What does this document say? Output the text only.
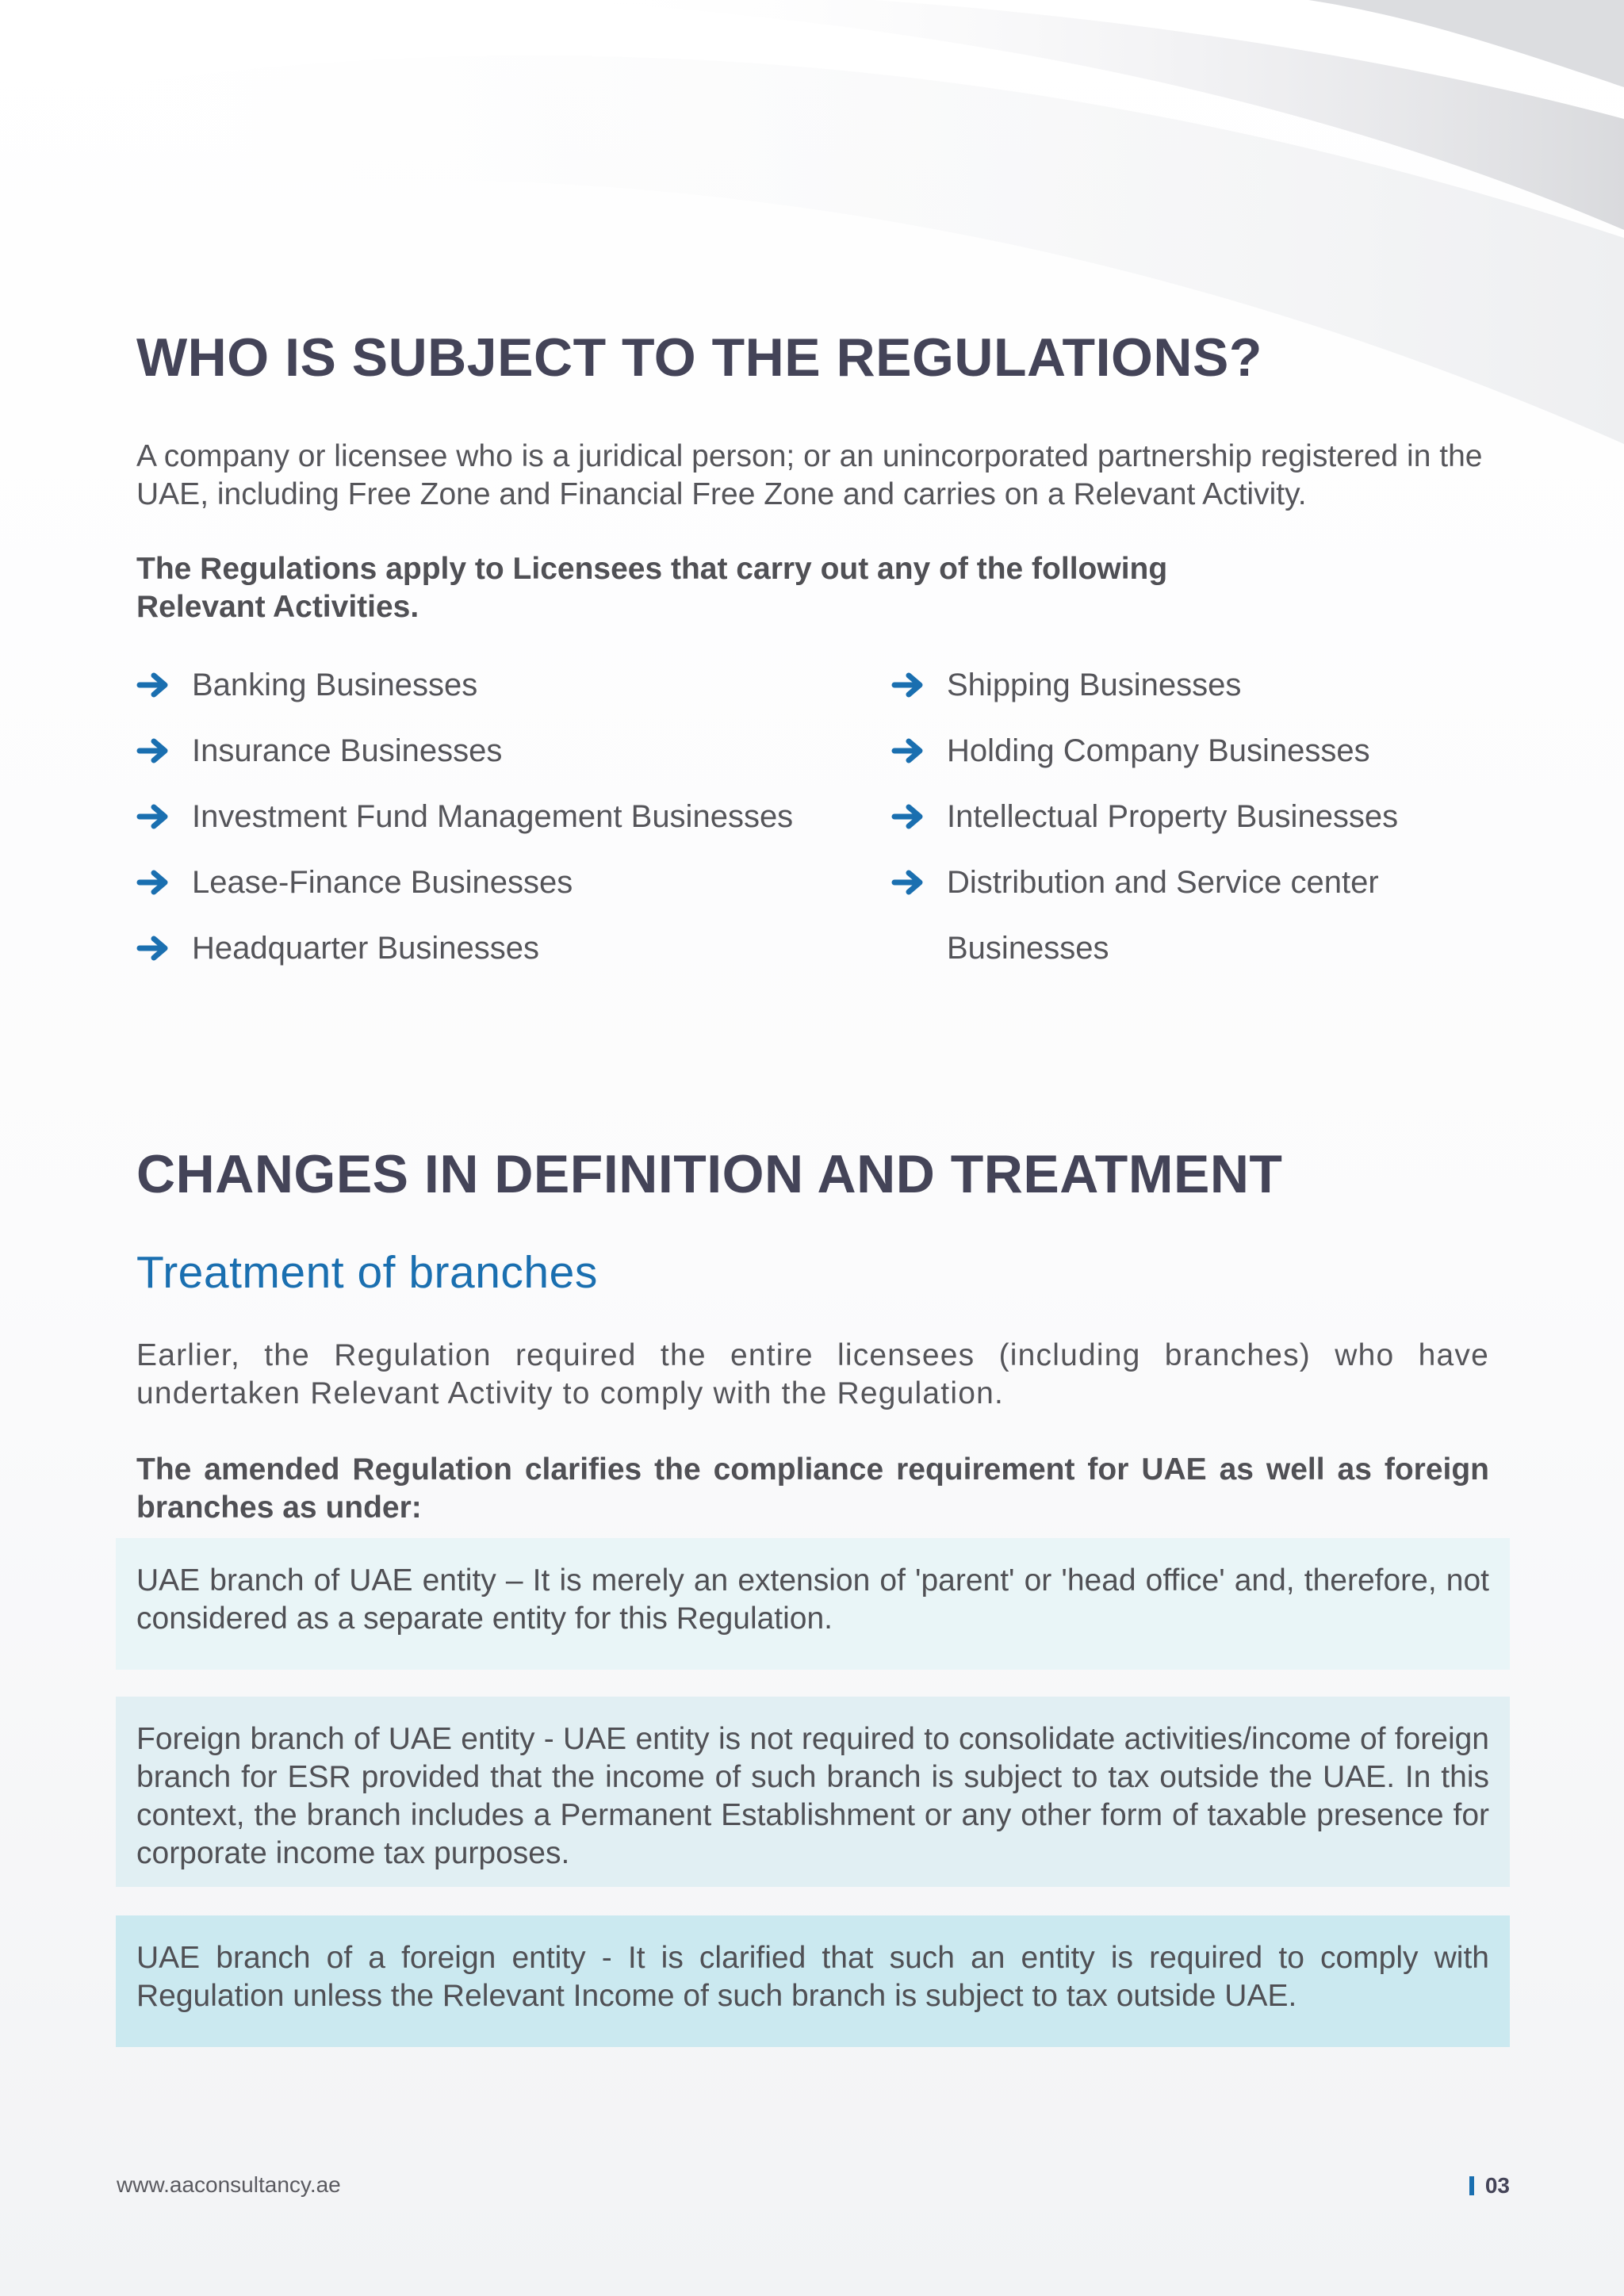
WHO IS SUBJECT TO THE REGULATIONS?

A company or licensee who is a juridical person; or an unincorporated partnership registered in the UAE, including Free Zone and Financial Free Zone and carries on a Relevant Activity.

The Regulations apply to Licensees that carry out any of the following Relevant Activities.

Banking Businesses
Insurance Businesses
Investment Fund Management Businesses
Lease-Finance Businesses
Headquarter Businesses
Shipping Businesses
Holding Company Businesses
Intellectual Property Businesses
Distribution and Service center
Businesses
CHANGES IN DEFINITION AND TREATMENT
Treatment of branches

Earlier, the Regulation required the entire licensees (including branches) who have undertaken Relevant Activity to comply with the Regulation.

The amended Regulation clarifies the compliance requirement for UAE as well as foreign branches as under:

UAE branch of UAE entity – It is merely an extension of 'parent' or 'head office' and, therefore, not considered as a separate entity for this Regulation.
Foreign branch of UAE entity - UAE entity is not required to consolidate activities/income of foreign branch for ESR provided that the income of such branch is subject to tax outside the UAE. In this context, the branch includes a Permanent Establishment or any other form of taxable presence for corporate income tax purposes.
UAE branch of a foreign entity - It is clarified that such an entity is required to comply with Regulation unless the Relevant Income of such branch is subject to tax outside UAE.
www.aaconsultancy.ae	03
